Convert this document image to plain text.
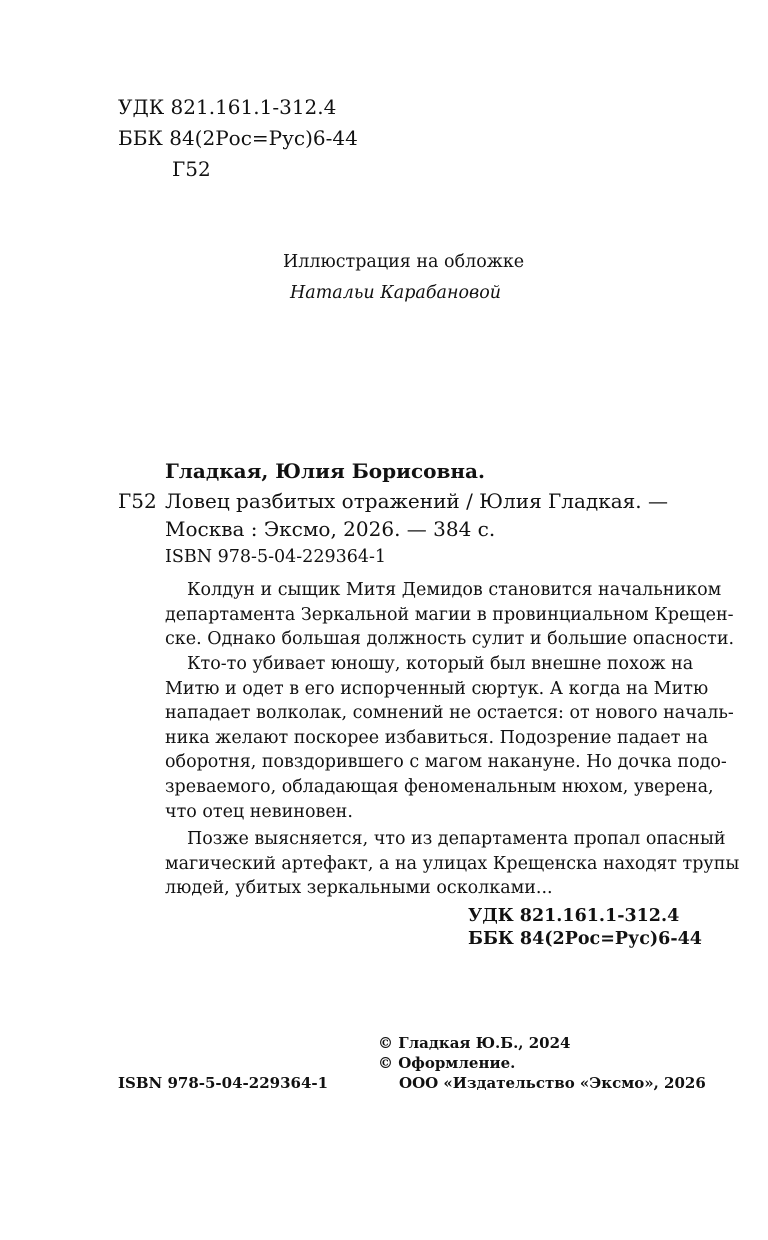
УДК 821.161.1-312.4
ББК 84(2Рос=Рус)6-44
Г52
Иллюстрация на обложке
Натальи Карабановой
Гладкая, Юлия Борисовна.
Г52 Ловец разбитых отражений / Юлия Гладкая. —
Москва : Эксмо, 2026. — 384 с.
ISBN 978-5-04-229364-1
Колдун и сыщик Митя Демидов становится начальником
департамента Зеркальной магии в провинциальном Крещен-
ске. Однако большая должность сулит и большие опасности.
Кто-то убивает юношу, который был внешне похож на
Митю и одет в его испорченный сюртук. А когда на Митю
нападает волколак, сомнений не остается: от нового началь-
ника желают поскорее избавиться. Подозрение падает на
оборотня, повздорившего с магом накануне. Но дочка подо-
зреваемого, обладающая феноменальным нюхом, уверена,
что отец невиновен.
Позже выясняется, что из департамента пропал опасный
магический артефакт, а на улицах Крещенска находят трупы
людей, убитых зеркальными осколками...
УДК 821.161.1-312.4
ББК 84(2Рос=Рус)6-44
© Гладкая Ю.Б., 2024
© Оформление.
ООО «Издательство «Эксмо», 2026
ISBN 978-5-04-229364-1
